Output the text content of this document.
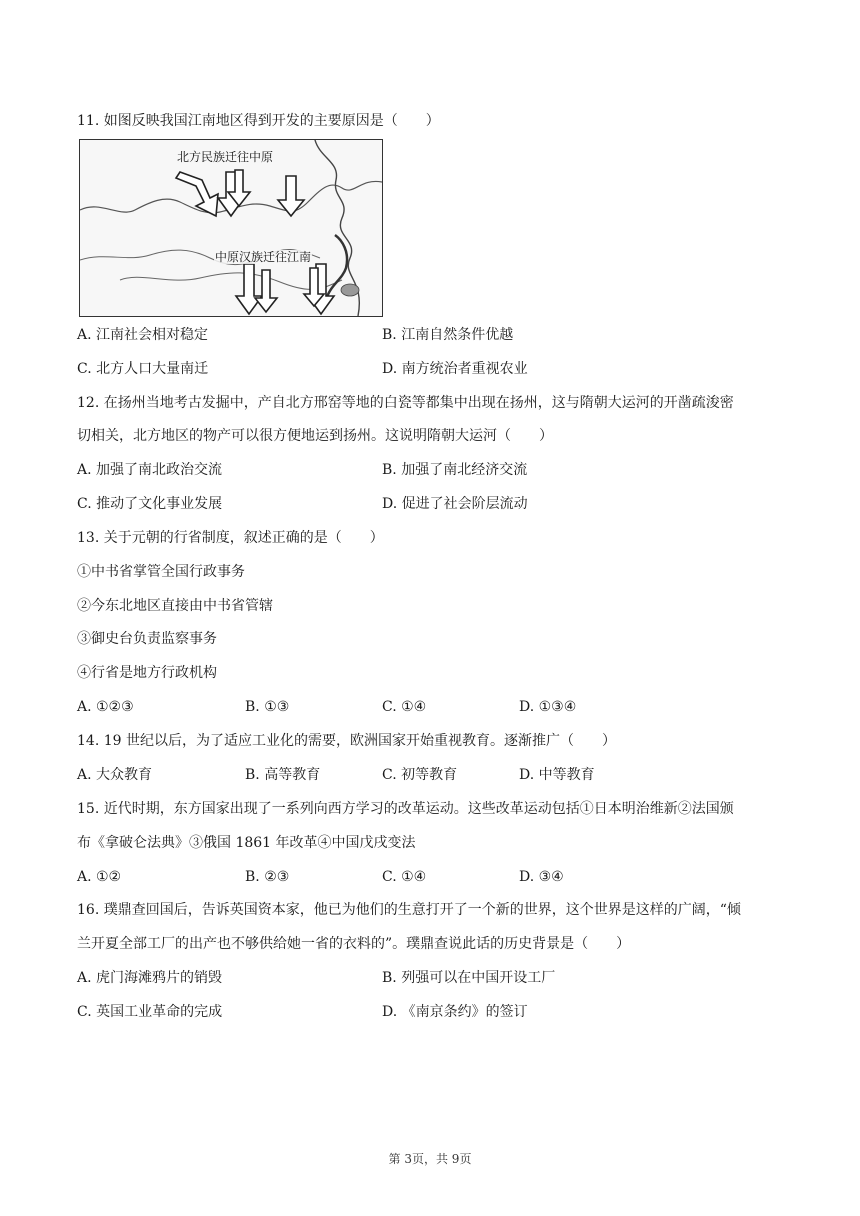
11. 如图反映我国江南地区得到开发的主要原因是（　　）
北方民族迁往中原
中原汉族迁往江南
A. 江南社会相对稳定	B. 江南自然条件优越
C. 北方人口大量南迁	D. 南方统治者重视农业
12. 在扬州当地考古发掘中，产自北方邢窑等地的白瓷等都集中出现在扬州，这与隋朝大运河的开凿疏浚密
切相关，北方地区的物产可以很方便地运到扬州。这说明隋朝大运河（　　）
A. 加强了南北政治交流	B. 加强了南北经济交流
C. 推动了文化事业发展	D. 促进了社会阶层流动
13. 关于元朝的行省制度，叙述正确的是（　　）
①中书省掌管全国行政事务
②今东北地区直接由中书省管辖
③御史台负责监察事务
④行省是地方行政机构
A. ①②③	B. ①③	C. ①④	D. ①③④
14. 19 世纪以后，为了适应工业化的需要，欧洲国家开始重视教育。逐渐推广（　　）
A. 大众教育	B. 高等教育	C. 初等教育	D. 中等教育
15. 近代时期，东方国家出现了一系列向西方学习的改革运动。这些改革运动包括①日本明治维新②法国颁
布《拿破仑法典》③俄国 1861 年改革④中国戊戌变法
A. ①②	B. ②③	C. ①④	D. ③④
16. 璞鼎查回国后，告诉英国资本家，他已为他们的生意打开了一个新的世界，这个世界是这样的广阔，“倾
兰开夏全部工厂的出产也不够供给她一省的衣料的”。璞鼎查说此话的历史背景是（　　）
A. 虎门海滩鸦片的销毁	B. 列强可以在中国开设工厂
C. 英国工业革命的完成	D. 《南京条约》的签订
第 3页，共 9页
